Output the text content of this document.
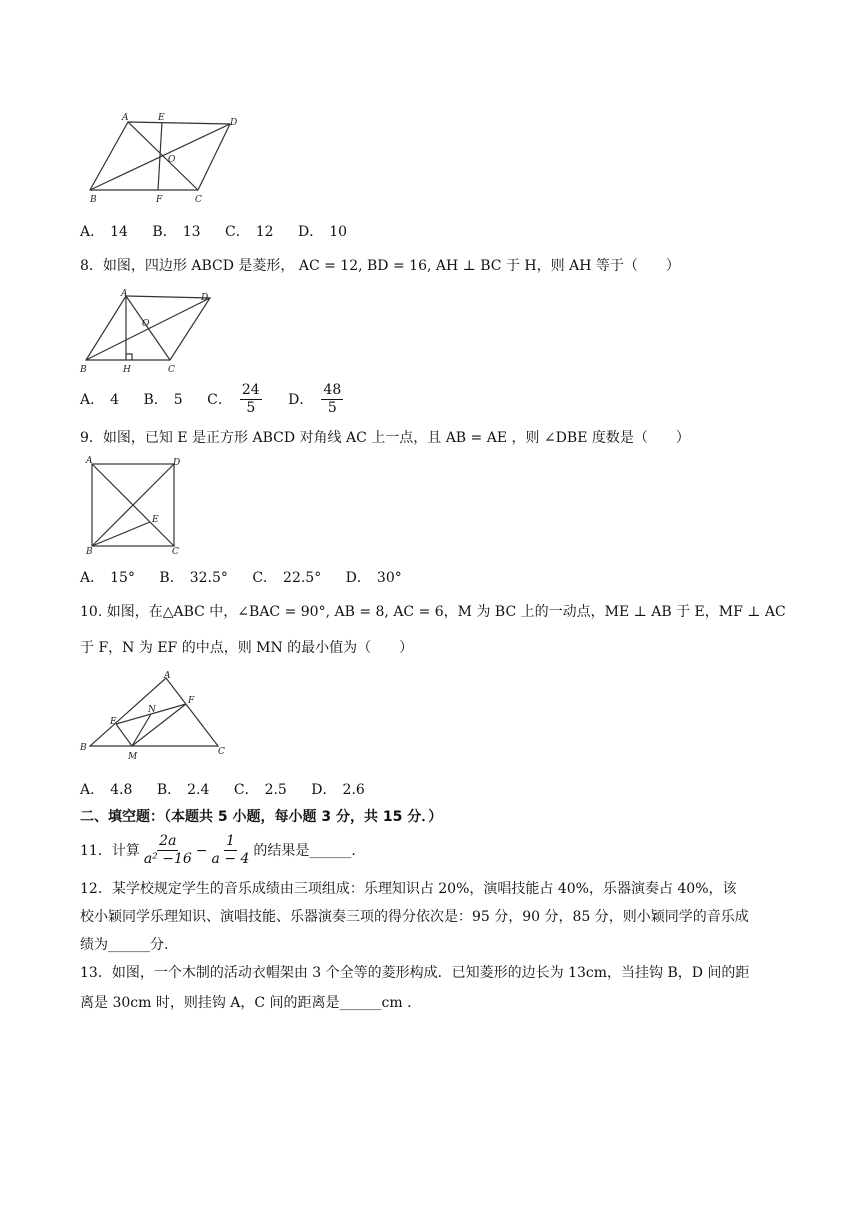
A	E	D
O
B	F	C
A． 14 B． 13 C． 12 D． 10
8．如图，四边形 ABCD 是菱形， AC = 12, BD = 16, AH ⊥ BC 于 H，则 AH 等于（　　）
A	D
O
B	H	C
A． 4 B． 5 C． $\frac{24}{5}$ D． $\frac{48}{5}$
9．如图，已知 E 是正方形 ABCD 对角线 AC 上一点，且 AB = AE ，则 ∠DBE 度数是（　　）
A	D
E
B	C
A． 15° B． 32.5° C． 22.5° D． 30°
10. 如图，在△ABC 中，∠BAC = 90°, AB = 8, AC = 6，M 为 BC 上的一动点，ME ⊥ AB 于 E，MF ⊥ AC
于 F，N 为 EF 的中点，则 MN 的最小值为（　　）
A
F
N
E
B
M	C
A． 4.8 B． 2.4 C． 2.5 D． 2.6
二、填空题：（本题共 5 小题，每小题 3 分，共 15 分．）
11．计算 $\frac{2a}{\text{a² −16}} - \frac{1}{a - 4}$ 的结果是______.
12．某学校规定学生的音乐成绩由三项组成：乐理知识占 20%，演唱技能占 40%，乐器演奏占 40%，该
校小颖同学乐理知识、演唱技能、乐器演奏三项的得分依次是：95 分，90 分，85 分，则小颖同学的音乐成
绩为______分.
13．如图，一个木制的活动衣帽架由 3 个全等的菱形构成．已知菱形的边长为 13cm，当挂钩 B，D 间的距
离是 30cm 时，则挂钩 A，C 间的距离是______cm .
